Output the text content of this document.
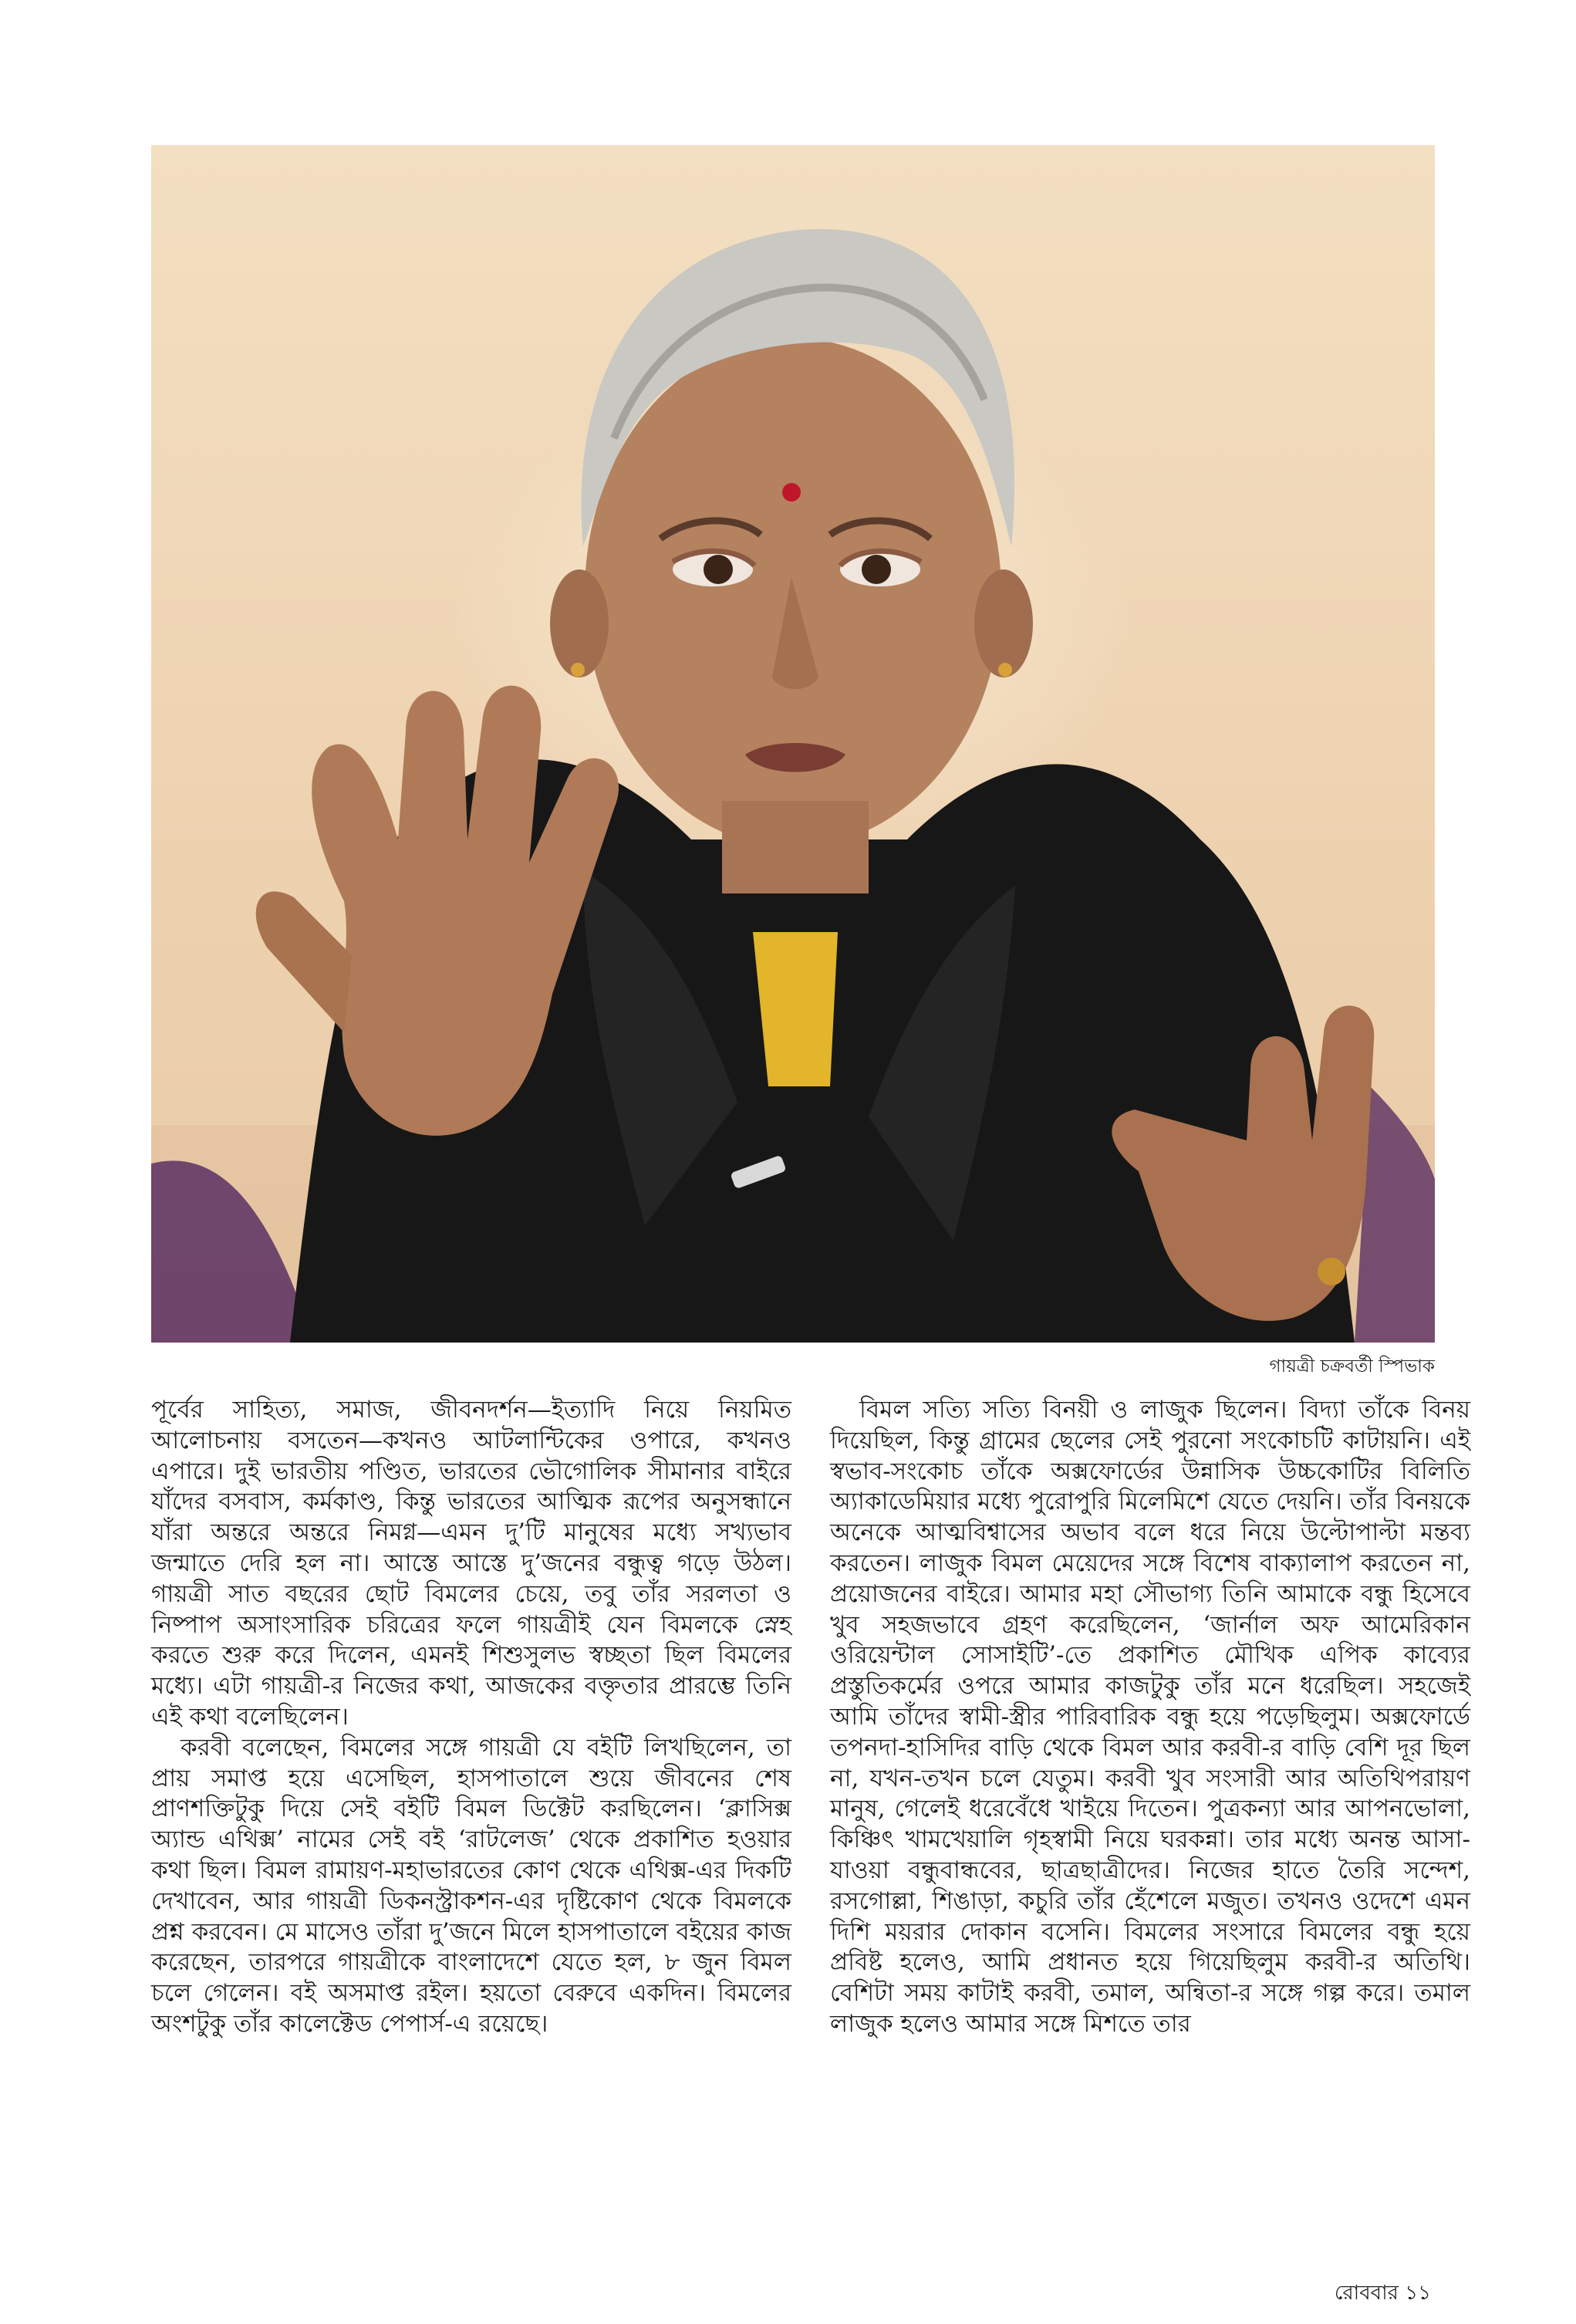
গায়ত্রী চক্রবর্তী স্পিভাক

পূর্বের সাহিত্য, সমাজ, জীবনদর্শন—ইত্যাদি নিয়ে নিয়মিত আলোচনায় বসতেন—কখনও আটলান্টিকের ওপারে, কখনও এপারে। দুই ভারতীয় পণ্ডিত, ভারতের ভৌগোলিক সীমানার বাইরে যাঁদের বসবাস, কর্মকাণ্ড, কিন্তু ভারতের আত্মিক রূপের অনুসন্ধানে যাঁরা অন্তরে অন্তরে নিমগ্ন—এমন দু’টি মানুষের মধ্যে সখ্যভাব জন্মাতে দেরি হল না। আস্তে আস্তে দু’জনের বন্ধুত্ব গড়ে উঠল। গায়ত্রী সাত বছরের ছোট বিমলের চেয়ে, তবু তাঁর সরলতা ও নিষ্পাপ অসাংসারিক চরিত্রের ফলে গায়ত্রীই যেন বিমলকে স্নেহ করতে শুরু করে দিলেন, এমনই শিশুসুলভ স্বচ্ছতা ছিল বিমলের মধ্যে। এটা গায়ত্রী-র নিজের কথা, আজকের বক্তৃতার প্রারম্ভে তিনি এই কথা বলেছিলেন।

করবী বলেছেন, বিমলের সঙ্গে গায়ত্রী যে বইটি লিখছিলেন, তা প্রায় সমাপ্ত হয়ে এসেছিল, হাসপাতালে শুয়ে জীবনের শেষ প্রাণশক্তিটুকু দিয়ে সেই বইটি বিমল ডিক্টেট করছিলেন। ‘ক্লাসিক্স অ্যান্ড এথিক্স’ নামের সেই বই ‘রাটলেজ’ থেকে প্রকাশিত হওয়ার কথা ছিল। বিমল রামায়ণ-মহাভারতের কোণ থেকে এথিক্স-এর দিকটি দেখাবেন, আর গায়ত্রী ডিকনস্ট্রাকশন-এর দৃষ্টিকোণ থেকে বিমলকে প্রশ্ন করবেন। মে মাসেও তাঁরা দু’জনে মিলে হাসপাতালে বইয়ের কাজ করেছেন, তারপরে গায়ত্রীকে বাংলাদেশে যেতে হল, ৮ জুন বিমল চলে গেলেন। বই অসমাপ্ত রইল। হয়তো বেরুবে একদিন। বিমলের অংশটুকু তাঁর কালেক্টেড পেপার্স-এ রয়েছে।

বিমল সত্যি সত্যি বিনয়ী ও লাজুক ছিলেন। বিদ্যা তাঁকে বিনয় দিয়েছিল, কিন্তু গ্রামের ছেলের সেই পুরনো সংকোচটি কাটায়নি। এই স্বভাব-সংকোচ তাঁকে অক্সফোর্ডের উন্নাসিক উচ্চকোটির বিলিতি অ্যাকাডেমিয়ার মধ্যে পুরোপুরি মিলেমিশে যেতে দেয়নি। তাঁর বিনয়কে অনেকে আত্মবিশ্বাসের অভাব বলে ধরে নিয়ে উল্টোপাল্টা মন্তব্য করতেন। লাজুক বিমল মেয়েদের সঙ্গে বিশেষ বাক্যালাপ করতেন না, প্রয়োজনের বাইরে। আমার মহা সৌভাগ্য তিনি আমাকে বন্ধু হিসেবে খুব সহজভাবে গ্রহণ করেছিলেন, ‘জার্নাল অফ আমেরিকান ওরিয়েন্টাল সোসাইটি’-তে প্রকাশিত মৌখিক এপিক কাব্যের প্রস্তুতিকর্মের ওপরে আমার কাজটুকু তাঁর মনে ধরেছিল। সহজেই আমি তাঁদের স্বামী-স্ত্রীর পারিবারিক বন্ধু হয়ে পড়েছিলুম। অক্সফোর্ডে তপনদা-হাসিদির বাড়ি থেকে বিমল আর করবী-র বাড়ি বেশি দূর ছিল না, যখন-তখন চলে যেতুম। করবী খুব সংসারী আর অতিথিপরায়ণ মানুষ, গেলেই ধরেবেঁধে খাইয়ে দিতেন। পুত্রকন্যা আর আপনভোলা, কিঞ্চিৎ খামখেয়ালি গৃহস্বামী নিয়ে ঘরকন্না। তার মধ্যে অনন্ত আসা-যাওয়া বন্ধুবান্ধবের, ছাত্রছাত্রীদের। নিজের হাতে তৈরি সন্দেশ, রসগোল্লা, শিঙাড়া, কচুরি তাঁর হেঁশেলে মজুত। তখনও ওদেশে এমন দিশি ময়রার দোকান বসেনি। বিমলের সংসারে বিমলের বন্ধু হয়ে প্রবিষ্ট হলেও, আমি প্রধানত হয়ে গিয়েছিলুম করবী-র অতিথি। বেশিটা সময় কাটাই করবী, তমাল, অন্বিতা-র সঙ্গে গল্প করে। তমাল লাজুক হলেও আমার সঙ্গে মিশতে তার

রোববার ১১
